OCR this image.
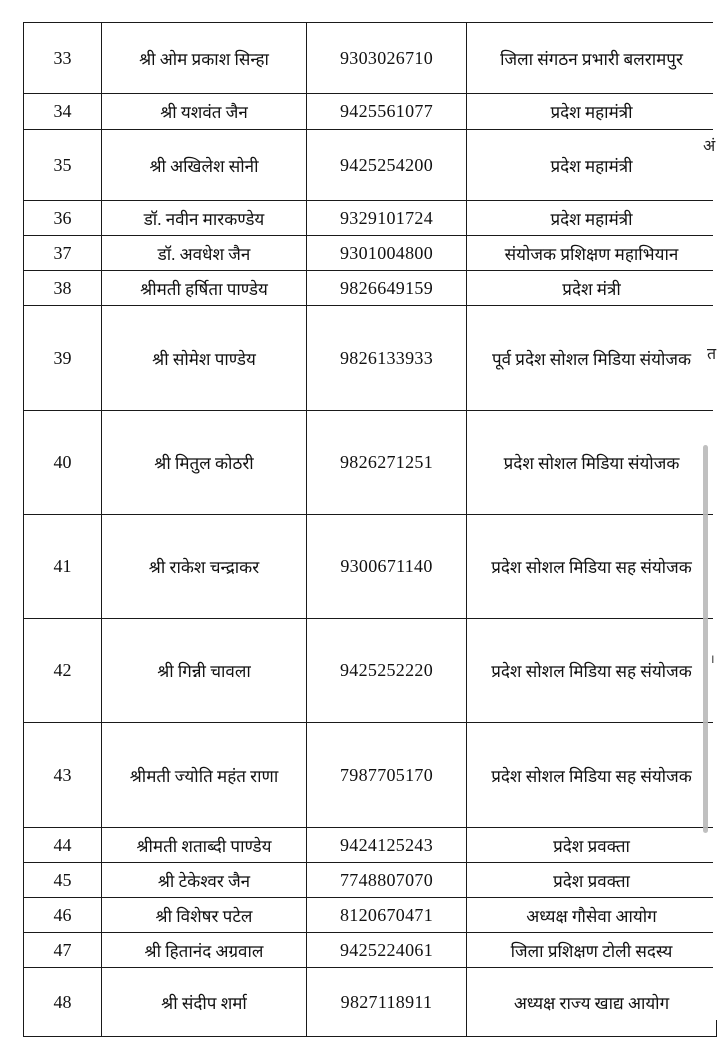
33	श्री ओम प्रकाश सिन्हा	9303026710	जिला संगठन प्रभारी बलरामपुर
34	श्री यशवंत जैन	9425561077	प्रदेश महामंत्री
35	श्री अखिलेश सोनी	9425254200	प्रदेश महामंत्री
36	डॉ. नवीन मारकण्डेय	9329101724	प्रदेश महामंत्री
37	डॉ. अवधेश जैन	9301004800	संयोजक प्रशिक्षण महाभियान
38	श्रीमती हर्षिता पाण्डेय	9826649159	प्रदेश मंत्री
39	श्री सोमेश पाण्डेय	9826133933	पूर्व प्रदेश सोशल मिडिया संयोजक
40	श्री मितुल कोठरी	9826271251	प्रदेश सोशल मिडिया संयोजक
41	श्री राकेश चन्द्राकर	9300671140	प्रदेश सोशल मिडिया सह संयोजक
42	श्री गिन्नी चावला	9425252220	प्रदेश सोशल मिडिया सह संयोजक
43	श्रीमती ज्योति महंत राणा	7987705170	प्रदेश सोशल मिडिया सह संयोजक
44	श्रीमती शताब्दी पाण्डेय	9424125243	प्रदेश प्रवक्ता
45	श्री टेकेश्वर जैन	7748807070	प्रदेश प्रवक्ता
46	श्री विशेषर पटेल	8120670471	अध्यक्ष गौसेवा आयोग
47	श्री हितानंद अग्रवाल	9425224061	जिला प्रशिक्षण टोली सदस्य
48	श्री संदीप शर्मा	9827118911	अध्यक्ष राज्य खाद्य आयोग
अं
त
।
